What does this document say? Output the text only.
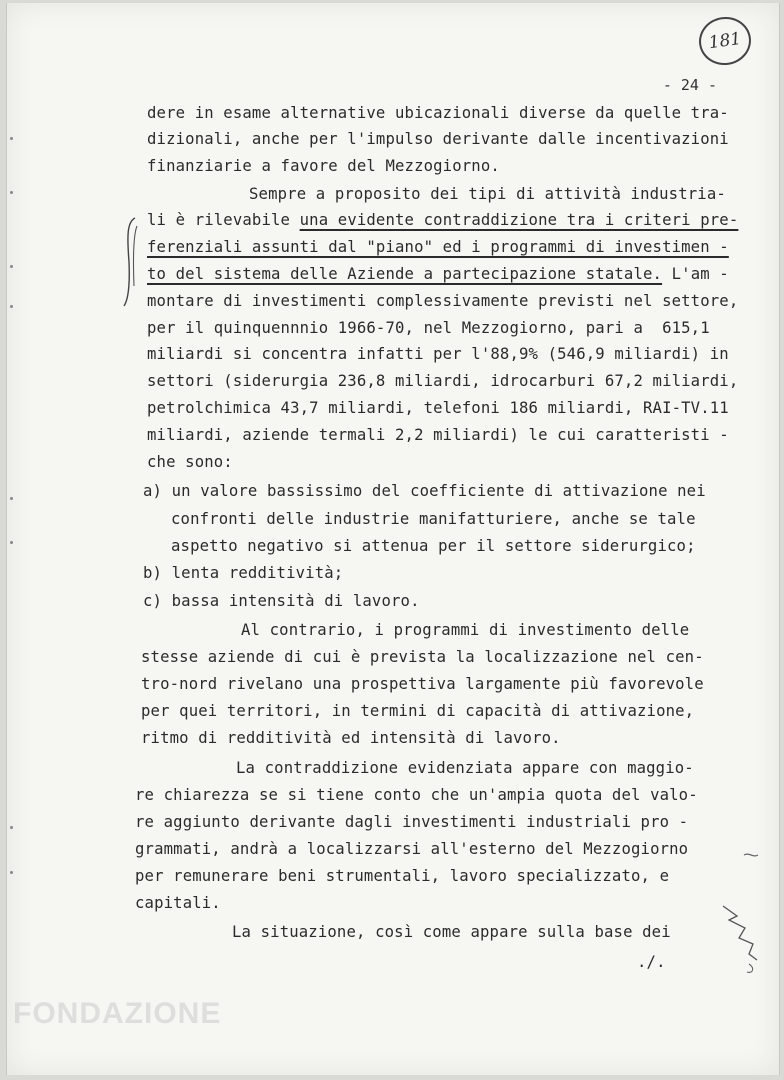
181
- 24 -
dere in esame alternative ubicazionali diverse da quelle tra-
dizionali, anche per l'impulso derivante dalle incentivazioni
finanziarie a favore del Mezzogiorno.
Sempre a proposito dei tipi di attività industria-
li è rilevabile una evidente contraddizione tra i criteri pre-
ferenziali assunti dal "piano" ed i programmi di investimen -
to del sistema delle Aziende a partecipazione statale. L'am -
montare di investimenti complessivamente previsti nel settore,
per il quinquennnio 1966-70, nel Mezzogiorno, pari a  615,1
miliardi si concentra infatti per l'88,9% (546,9 miliardi) in
settori (siderurgia 236,8 miliardi, idrocarburi 67,2 miliardi,
petrolchimica 43,7 miliardi, telefoni 186 miliardi, RAI-TV.11
miliardi, aziende termali 2,2 miliardi) le cui caratteristi -
che sono:
a) un valore bassissimo del coefficiente di attivazione nei
confronti delle industrie manifatturiere, anche se tale
aspetto negativo si attenua per il settore siderurgico;
b) lenta redditività;
c) bassa intensità di lavoro.
Al contrario, i programmi di investimento delle
stesse aziende di cui è prevista la localizzazione nel cen-
tro-nord rivelano una prospettiva largamente più favorevole
per quei territori, in termini di capacità di attivazione,
ritmo di redditività ed intensità di lavoro.
La contraddizione evidenziata appare con maggio-
re chiarezza se si tiene conto che un'ampia quota del valo-
re aggiunto derivante dagli investimenti industriali pro -
grammati, andrà a localizzarsi all'esterno del Mezzogiorno
per remunerare beni strumentali, lavoro specializzato, e
capitali.
La situazione, così come appare sulla base dei
./.
FONDAZIONE
